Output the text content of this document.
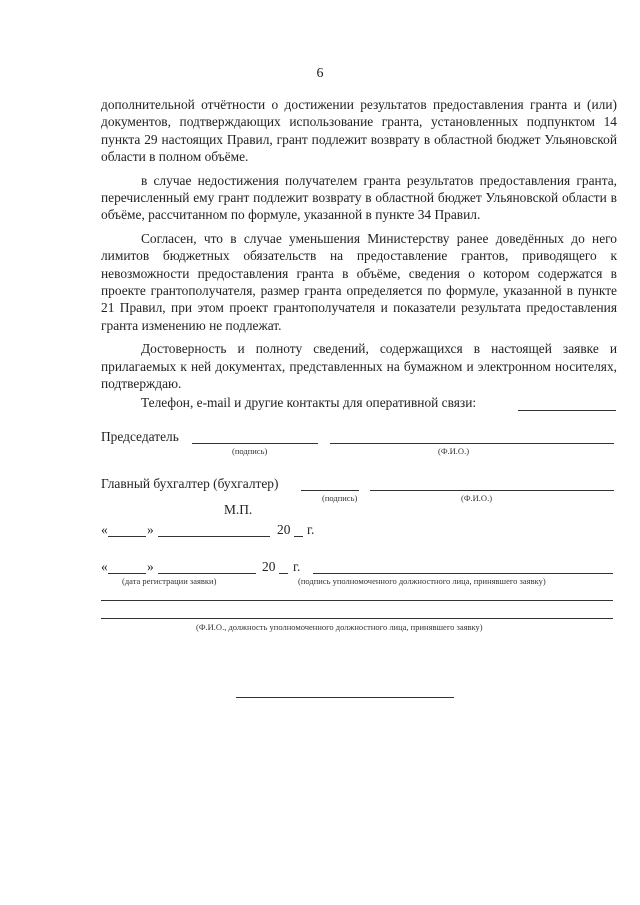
6

дополнительной отчётности о достижении результатов предоставления гранта и (или) документов, подтверждающих использование гранта, установленных подпунктом 14 пункта 29 настоящих Правил, грант подлежит возврату в областной бюджет Ульяновской области в полном объёме.

в случае недостижения получателем гранта результатов предоставления гранта, перечисленный ему грант подлежит возврату в областной бюджет Ульяновской области в объёме, рассчитанном по формуле, указанной в пункте 34 Правил.

Согласен, что в случае уменьшения Министерству ранее доведённых до него лимитов бюджетных обязательств на предоставление грантов, приводящего к невозможности предоставления гранта в объёме, сведения о котором содержатся в проекте грантополучателя, размер гранта определяется по формуле, указанной в пункте 21 Правил, при этом проект грантополучателя и показатели результата предоставления гранта изменению не подлежат.

Достоверность и полноту сведений, содержащихся в настоящей заявке и прилагаемых к ней документах, представленных на бумажном и электронном носителях, подтверждаю.

Телефон, e-mail и другие контакты для оперативной связи:
Председатель
(подпись)	(Ф.И.О.)
Главный бухгалтер (бухгалтер)
(подпись)	(Ф.И.О.)
М.П.
«	»	20 г.
«	»	20 г.
(дата регистрации заявки)	(подпись уполномоченного должностного лица, принявшего заявку)
(Ф.И.О., должность уполномоченного должностного лица, принявшего заявку)
